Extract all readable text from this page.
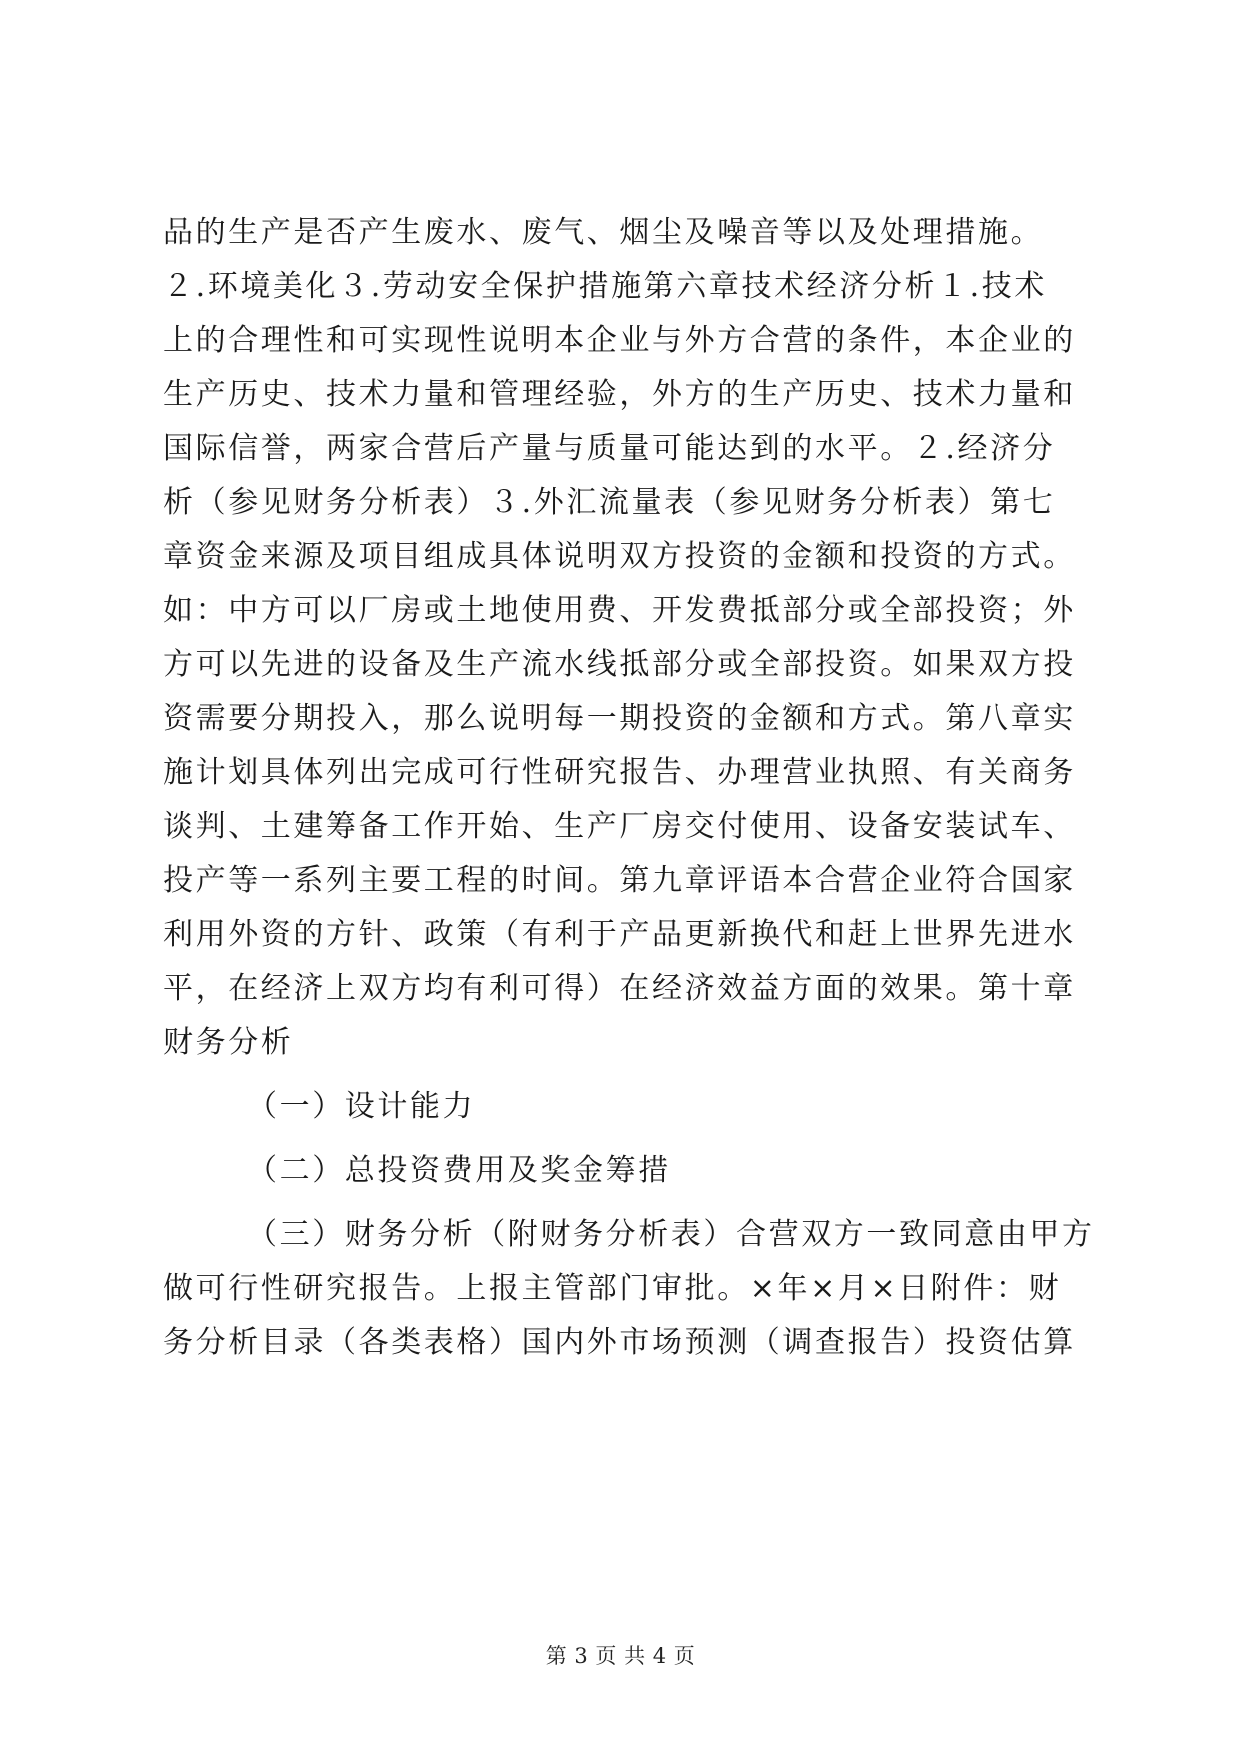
品的生产是否产生废水、废气、烟尘及噪音等以及处理措施。
２.环境美化３.劳动安全保护措施第六章技术经济分析１.技术
上的合理性和可实现性说明本企业与外方合营的条件，本企业的
生产历史、技术力量和管理经验，外方的生产历史、技术力量和
国际信誉，两家合营后产量与质量可能达到的水平。２.经济分
析（参见财务分析表）３.外汇流量表（参见财务分析表）第七
章资金来源及项目组成具体说明双方投资的金额和投资的方式。
如：中方可以厂房或土地使用费、开发费抵部分或全部投资；外
方可以先进的设备及生产流水线抵部分或全部投资。如果双方投
资需要分期投入，那么说明每一期投资的金额和方式。第八章实
施计划具体列出完成可行性研究报告、办理营业执照、有关商务
谈判、土建筹备工作开始、生产厂房交付使用、设备安装试车、
投产等一系列主要工程的时间。第九章评语本合营企业符合国家
利用外资的方针、政策（有利于产品更新换代和赶上世界先进水
平，在经济上双方均有利可得）在经济效益方面的效果。第十章
财务分析
（一）设计能力
（二）总投资费用及奖金筹措
（三）财务分析（附财务分析表）合营双方一致同意由甲方
做可行性研究报告。上报主管部门审批。×年×月×日附件：财
务分析目录（各类表格）国内外市场预测（调查报告）投资估算
第 3 页 共 4 页
